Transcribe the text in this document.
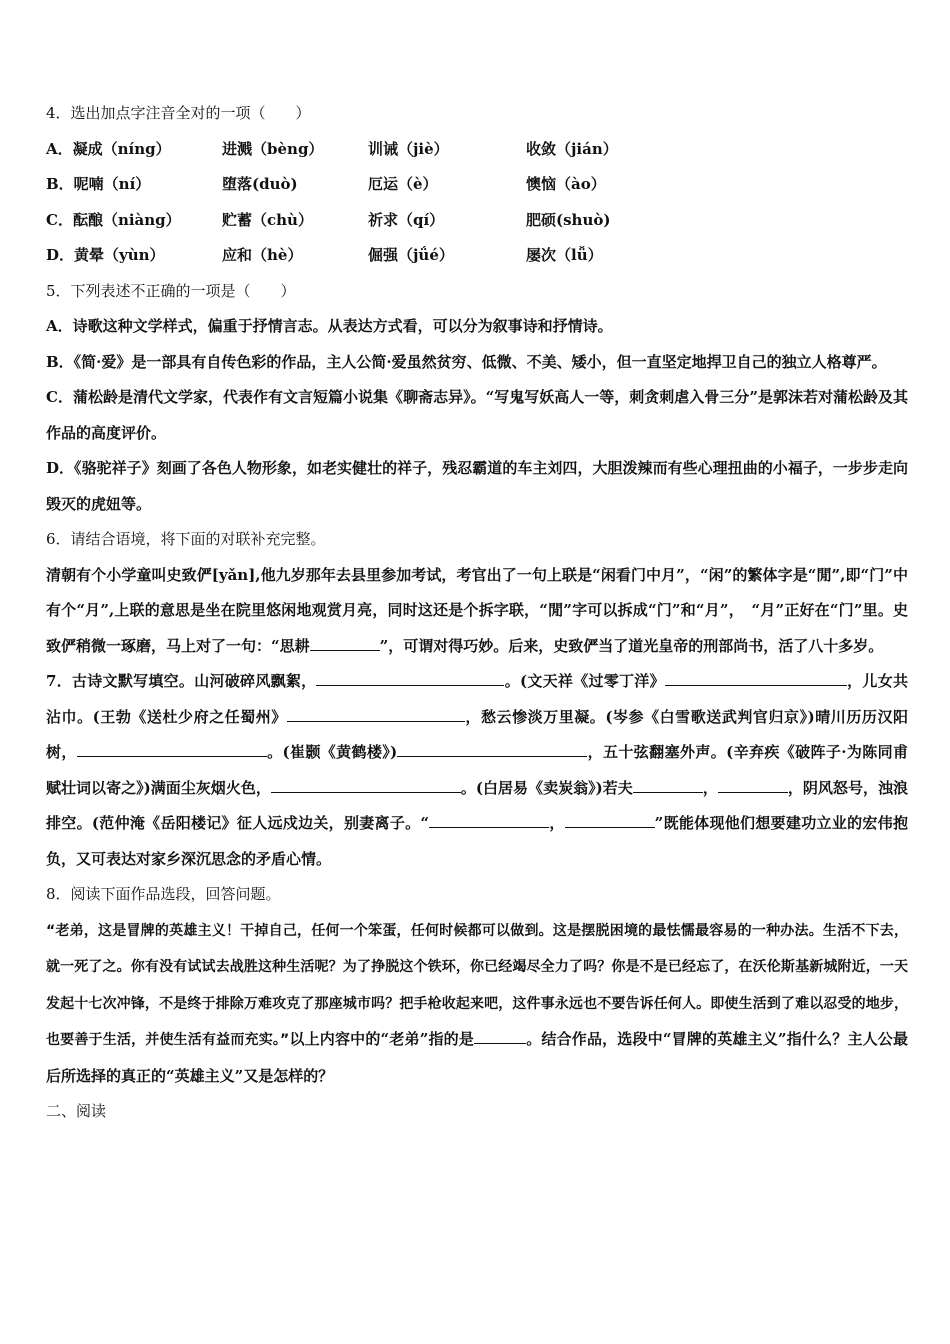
4．选出加点字注音全对的一项（　　）
A．凝成（níng）	进溅（bèng）	训诫（jiè）	收敛（jián）
B．呢喃（ní）	堕落(duò)	厄运（è）	懊恼（ào）
C．酝酿（niàng）	贮蓄（chù）	祈求（qí）	肥硕(shuò)
D．黄晕（yùn）	应和（hè）	倔强（jǘé）	屡次（lǚ）
5．下列表述不正确的一项是（　　）
A．诗歌这种文学样式，偏重于抒情言志。从表达方式看，可以分为叙事诗和抒情诗。
B．《简·爱》是一部具有自传色彩的作品，主人公简·爱虽然贫穷、低微、不美、矮小，但一直坚定地捍卫自己的独立人格尊严。
C．蒲松龄是清代文学家，代表作有文言短篇小说集《聊斋志异》。“写鬼写妖高人一等，刺贪刺虐入骨三分”是郭沫若对蒲松龄及其作品的高度评价。
D．《骆驼祥子》刻画了各色人物形象，如老实健壮的祥子，残忍霸道的车主刘四，大胆泼辣而有些心理扭曲的小福子，一步步走向毁灭的虎妞等。
6．请结合语境，将下面的对联补充完整。
清朝有个小学童叫史致俨[yǎn],他九岁那年去县里参加考试，考官出了一句上联是“闲看门中月”，“闲”的繁体字是“閒”,即“门”中有个“月”,上联的意思是坐在院里悠闲地观赏月亮，同时这还是个拆字联，“閒”字可以拆成“门”和“月”，　“月”正好在“门”里。史致俨稍微一琢磨，马上对了一句：“思耕	”，可谓对得巧妙。后来，史致俨当了道光皇帝的刑部尚书，活了八十多岁。
7．古诗文默写填空。山河破碎风飘絮，	。(文天祥《过零丁洋》	，儿女共沾巾。(王勃《送杜少府之任蜀州》	，愁云惨淡万里凝。(岑参《白雪歌送武判官归京》)晴川历历汉阳树，	。(崔颢《黄鹤楼》)	，五十弦翻塞外声。(辛弃疾《破阵子·为陈同甫赋壮词以寄之》)满面尘灰烟火色，	。(白居易《卖炭翁》)若夫	，	，阴风怒号，浊浪排空。(范仲淹《岳阳楼记》征人远戍边关，别妻离子。“	，	”既能体现他们想要建功立业的宏伟抱负，又可表达对家乡深沉思念的矛盾心情。
8．阅读下面作品选段，回答问题。
“老弟，这是冒牌的英雄主义！干掉自己，任何一个笨蛋，任何时候都可以做到。这是摆脱困境的最怯懦最容易的一种办法。生活不下去，就一死了之。你有没有试试去战胜这种生活呢？为了挣脱这个铁环，你已经竭尽全力了吗？你是不是已经忘了，在沃伦斯基新城附近，一天发起十七次冲锋，不是终于排除万难攻克了那座城市吗？把手枪收起来吧，这件事永远也不要告诉任何人。即使生活到了难以忍受的地步，也要善于生活，并使生活有益而充实。”以上内容中的“老弟”指的是	。结合作品，选段中“冒牌的英雄主义”指什么？主人公最后所选择的真正的“英雄主义”又是怎样的？
二、阅读
